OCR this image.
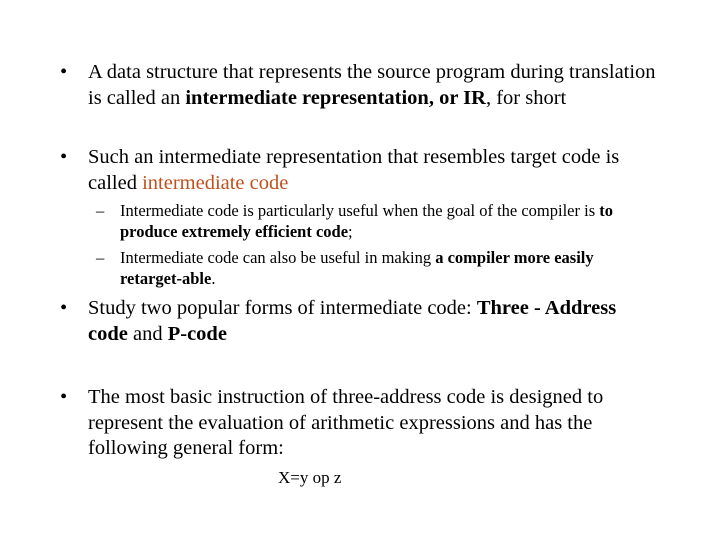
• A data structure that represents the source program during translation is called an intermediate representation, or IR, for short
• Such an intermediate representation that resembles target code is called intermediate code
– Intermediate code is particularly useful when the goal of the compiler is to produce extremely efficient code;
– Intermediate code can also be useful in making a compiler more easily retarget-able.
• Study two popular forms of intermediate code: Three - Address code and P-code
• The most basic instruction of three-address code is designed to represent the evaluation of arithmetic expressions and has the following general form:
X=y op z
